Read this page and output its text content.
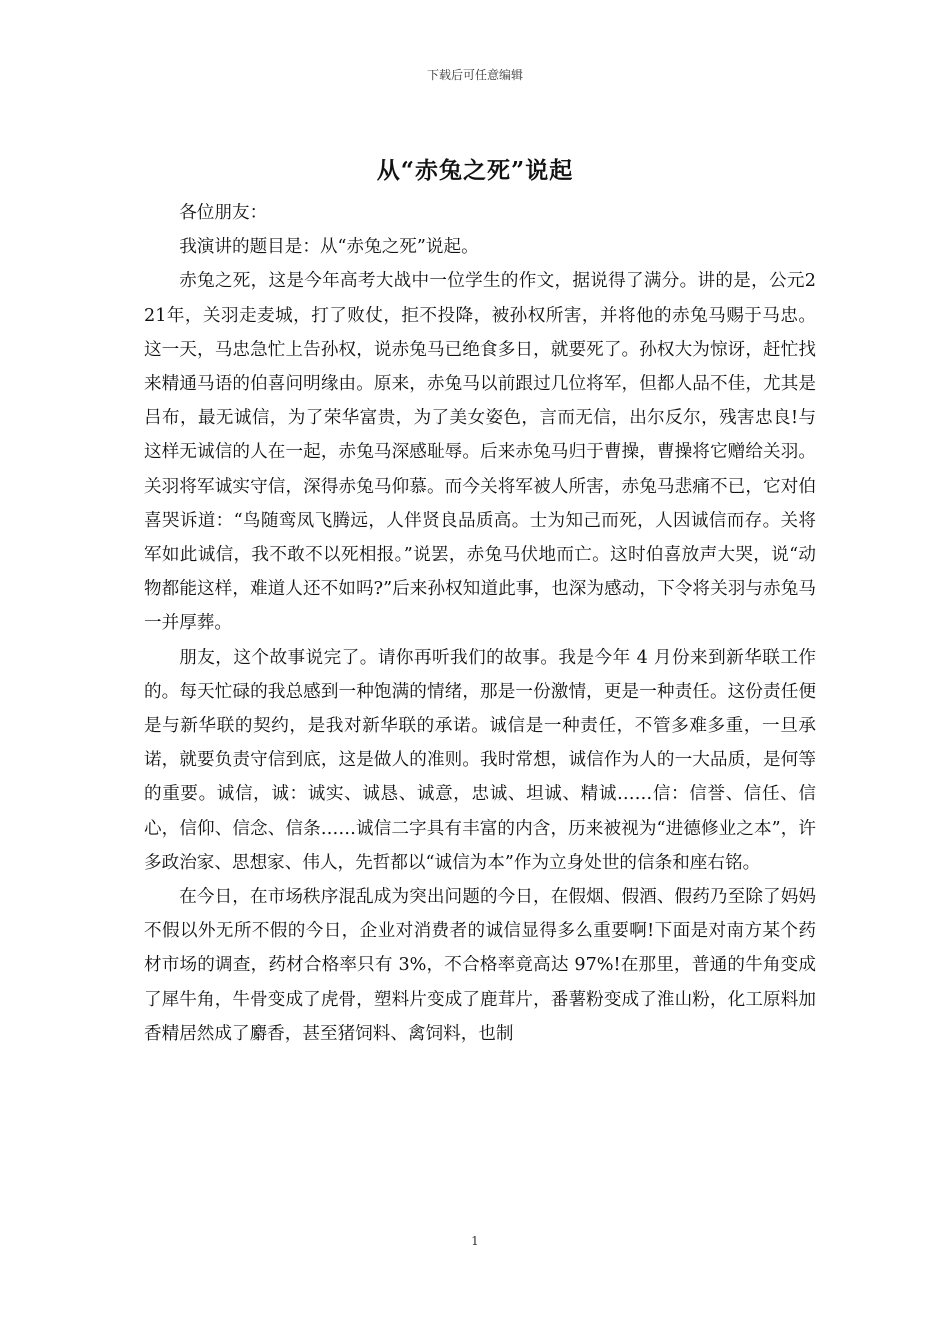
下载后可任意编辑
从“赤兔之死”说起

各位朋友：

我演讲的题目是：从“赤兔之死”说起。

赤兔之死，这是今年高考大战中一位学生的作文，据说得了满分。讲的是，公元221年，关羽走麦城，打了败仗，拒不投降，被孙权所害，并将他的赤兔马赐于马忠。这一天，马忠急忙上告孙权，说赤兔马已绝食多日，就要死了。孙权大为惊讶，赶忙找来精通马语的伯喜问明缘由。原来，赤兔马以前跟过几位将军，但都人品不佳，尤其是吕布，最无诚信，为了荣华富贵，为了美女姿色，言而无信，出尔反尔，残害忠良!与这样无诚信的人在一起，赤兔马深感耻辱。后来赤兔马归于曹操，曹操将它赠给关羽。关羽将军诚实守信，深得赤兔马仰慕。而今关将军被人所害，赤兔马悲痛不已，它对伯喜哭诉道：“鸟随鸾凤飞腾远，人伴贤良品质高。士为知己而死，人因诚信而存。关将军如此诚信，我不敢不以死相报。”说罢，赤兔马伏地而亡。这时伯喜放声大哭，说“动物都能这样，难道人还不如吗?”后来孙权知道此事，也深为感动，下令将关羽与赤兔马一并厚葬。

朋友，这个故事说完了。请你再听我们的故事。我是今年 4 月份来到新华联工作的。每天忙碌的我总感到一种饱满的情绪，那是一份激情，更是一种责任。这份责任便是与新华联的契约，是我对新华联的承诺。诚信是一种责任，不管多难多重，一旦承诺，就要负责守信到底，这是做人的准则。我时常想，诚信作为人的一大品质，是何等的重要。诚信，诚：诚实、诚恳、诚意，忠诚、坦诚、精诚……信：信誉、信任、信心，信仰、信念、信条……诚信二字具有丰富的内含，历来被视为“进德修业之本”，许多政治家、思想家、伟人，先哲都以“诚信为本”作为立身处世的信条和座右铭。

在今日，在市场秩序混乱成为突出问题的今日，在假烟、假酒、假药乃至除了妈妈不假以外无所不假的今日，企业对消费者的诚信显得多么重要啊!下面是对南方某个药材市场的调查，药材合格率只有 3%，不合格率竟高达 97%!在那里，普通的牛角变成了犀牛角，牛骨变成了虎骨，塑料片变成了鹿茸片，番薯粉变成了淮山粉，化工原料加香精居然成了麝香，甚至猪饲料、禽饲料，也制

1
